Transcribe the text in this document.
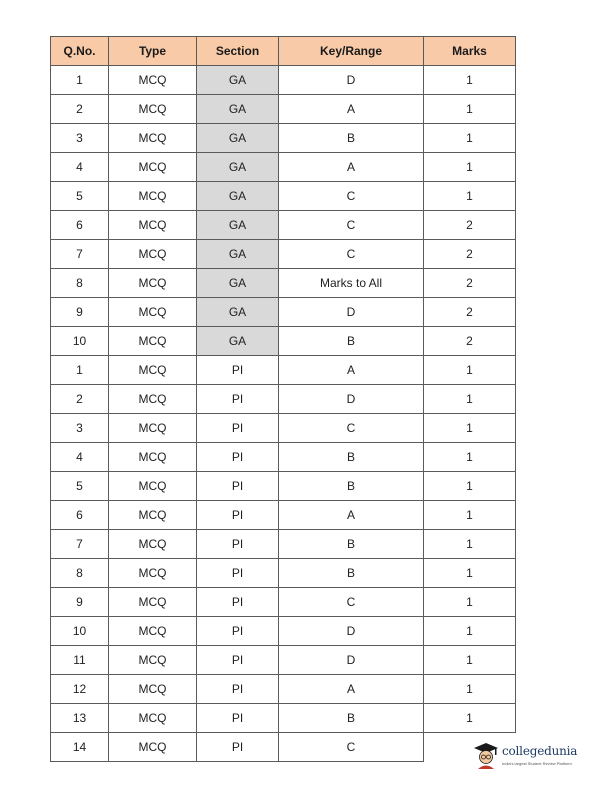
Q.No.	Type	Section	Key/Range	Marks
1	MCQ	GA	D	1
2	MCQ	GA	A	1
3	MCQ	GA	B	1
4	MCQ	GA	A	1
5	MCQ	GA	C	1
6	MCQ	GA	C	2
7	MCQ	GA	C	2
8	MCQ	GA	Marks to All	2
9	MCQ	GA	D	2
10	MCQ	GA	B	2
1	MCQ	PI	A	1
2	MCQ	PI	D	1
3	MCQ	PI	C	1
4	MCQ	PI	B	1
5	MCQ	PI	B	1
6	MCQ	PI	A	1
7	MCQ	PI	B	1
8	MCQ	PI	B	1
9	MCQ	PI	C	1
10	MCQ	PI	D	1
11	MCQ	PI	D	1
12	MCQ	PI	A	1
13	MCQ	PI	B	1
14	MCQ	PI	C		collegedunia
India's largest Student Review Platform
